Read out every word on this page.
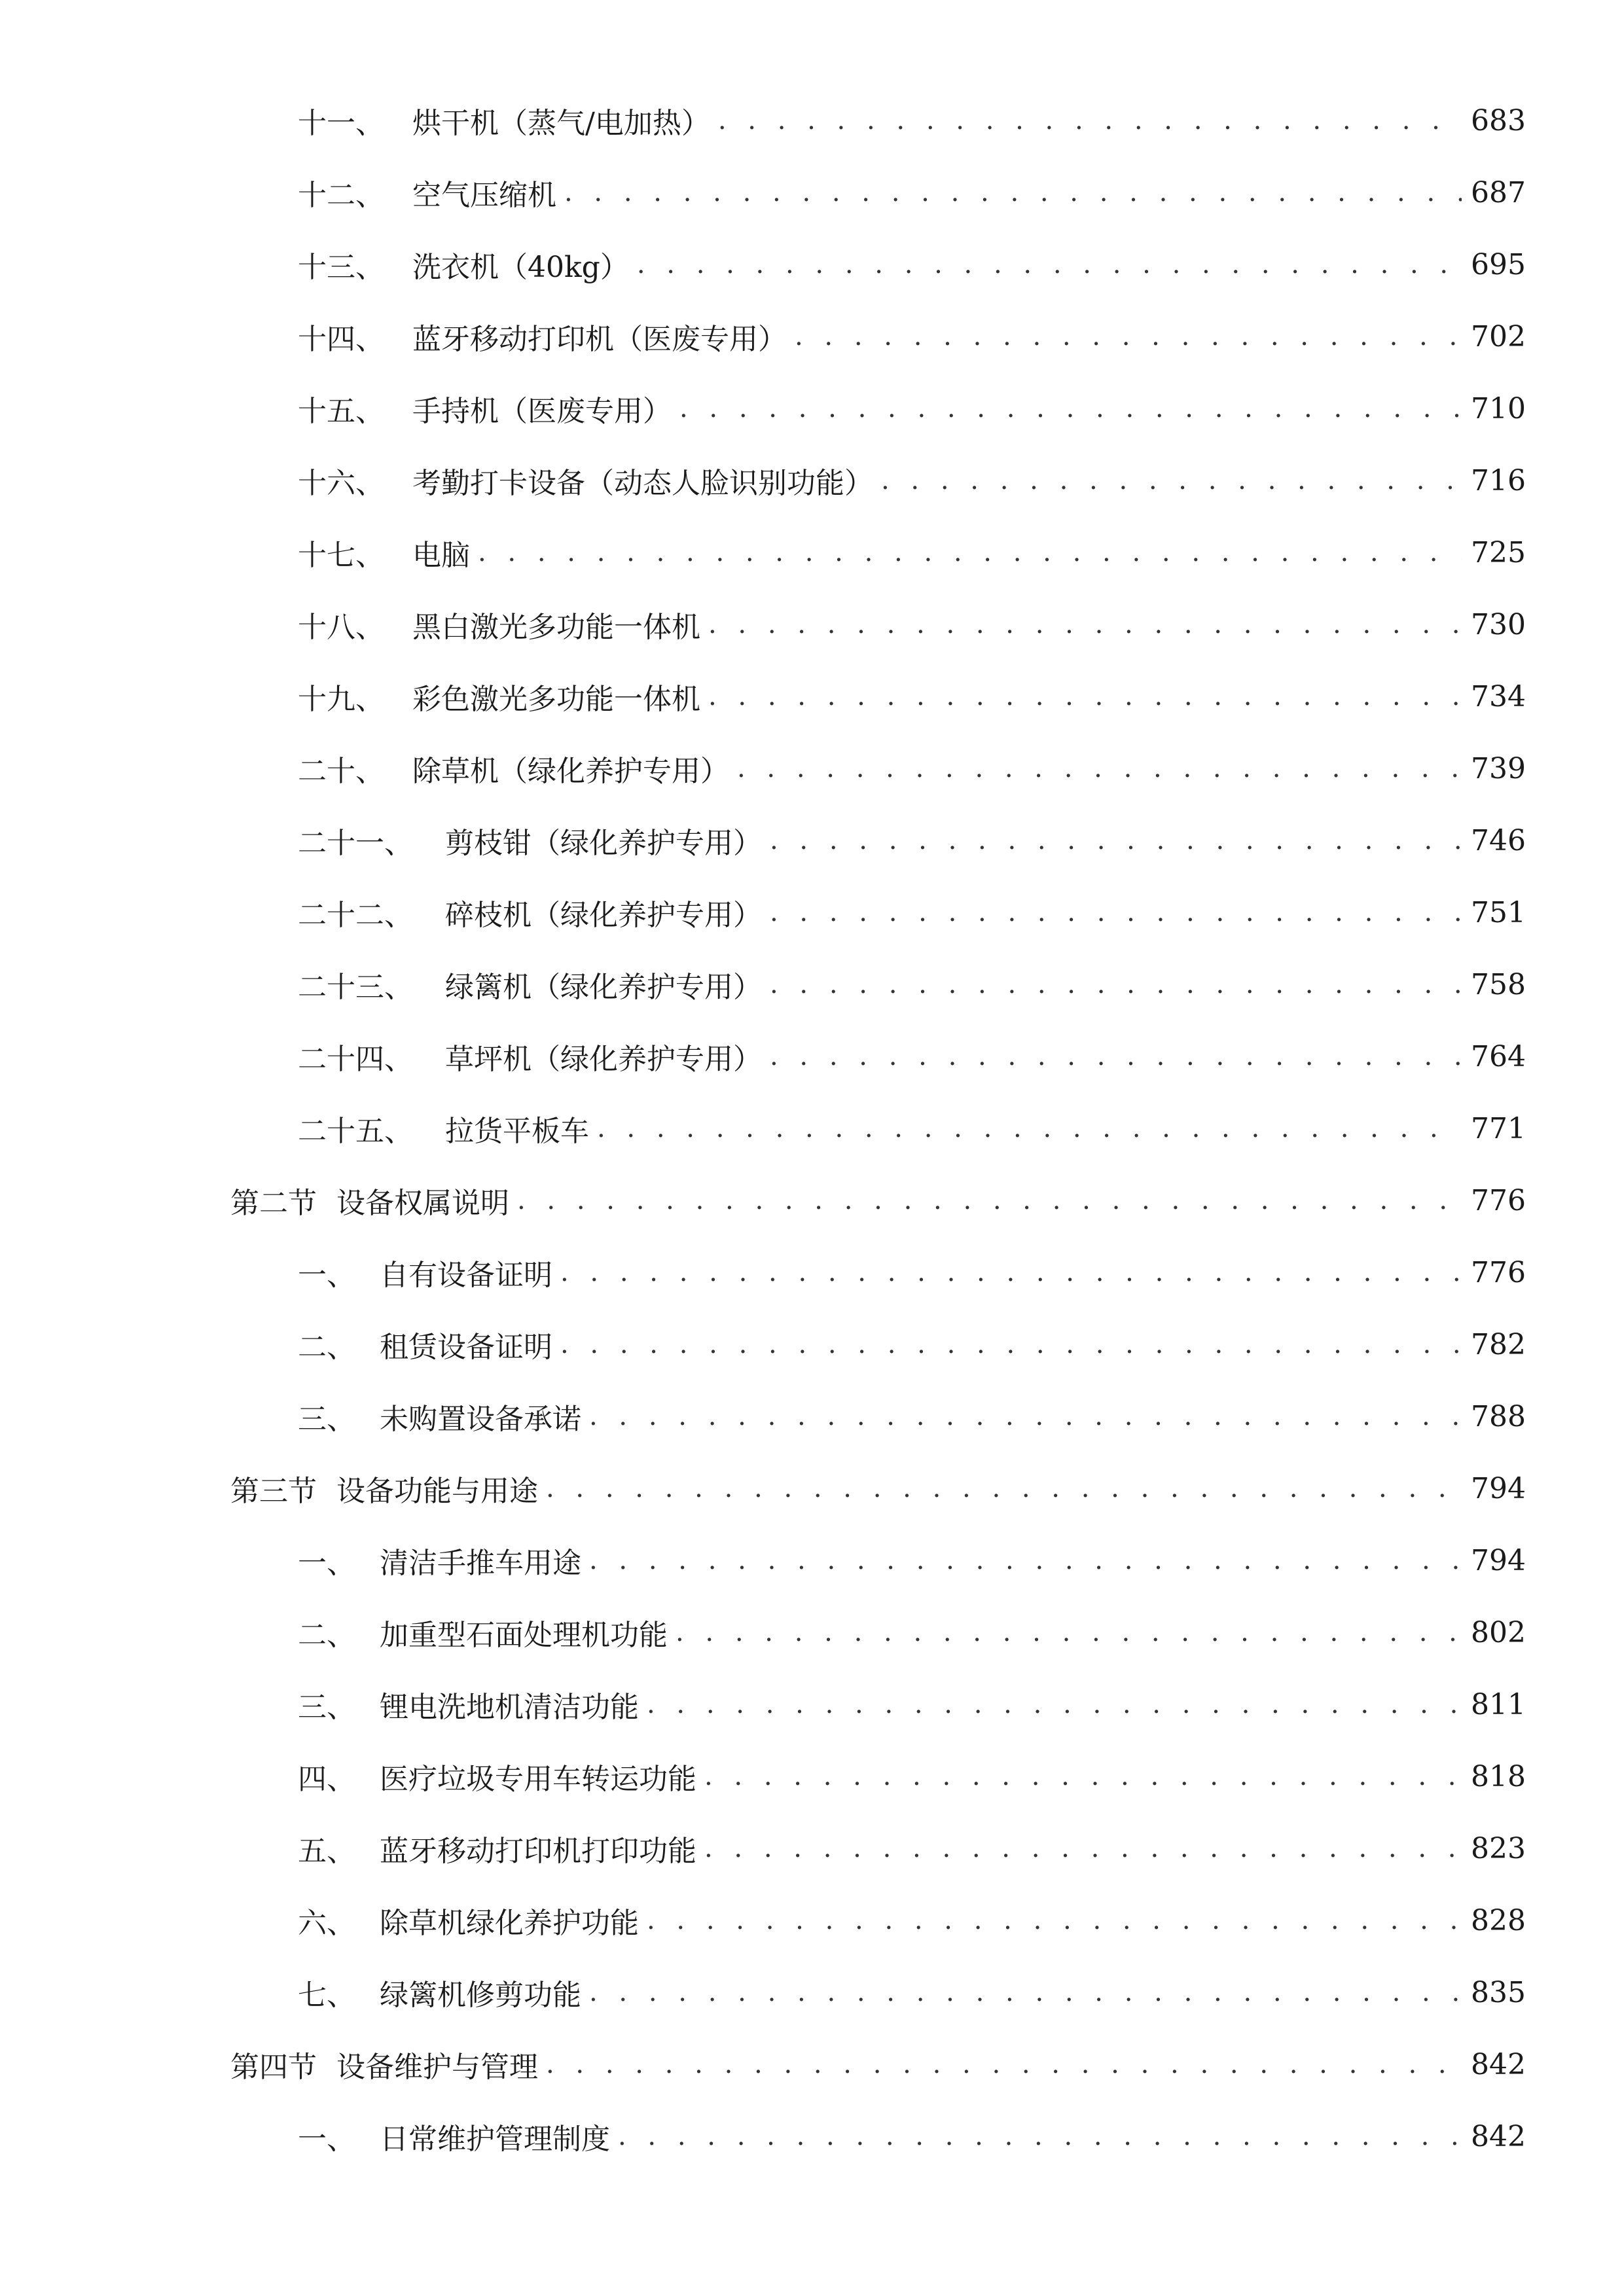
十一、 烘干机（蒸气/电加热） . . .	683
十二、 空气压缩机 . . .	687
十三、 洗衣机（40kg） . . .	695
十四、 蓝牙移动打印机（医废专用） . . .	702
十五、 手持机（医废专用） . . .	710
十六、 考勤打卡设备（动态人脸识别功能） . . .	716
十七、 电脑 . . .	725
十八、 黑白激光多功能一体机 . . .	730
十九、 彩色激光多功能一体机 . . .	734
二十、 除草机（绿化养护专用） . . .	739
二十一、	剪枝钳（绿化养护专用） . . .	746
二十二、	碎枝机（绿化养护专用） . . .	751
二十三、	绿篱机（绿化养护专用） . . .	758
二十四、	草坪机（绿化养护专用） . . .	764
二十五、	拉货平板车 . . .	771
第二节 设备权属说明 . . .	776
一、 自有设备证明 . . .	776
二、 租赁设备证明 . . .	782
三、 未购置设备承诺 . . .	788
第三节 设备功能与用途 . . .	794
一、 清洁手推车用途 . . .	794
二、 加重型石面处理机功能 . . .	802
三、 锂电洗地机清洁功能 . . .	811
四、 医疗垃圾专用车转运功能 . . .	818
五、 蓝牙移动打印机打印功能 . . .	823
六、 除草机绿化养护功能 . . .	828
七、 绿篱机修剪功能 . . .	835
第四节 设备维护与管理 . . .	842
一、 日常维护管理制度 . . .	842
